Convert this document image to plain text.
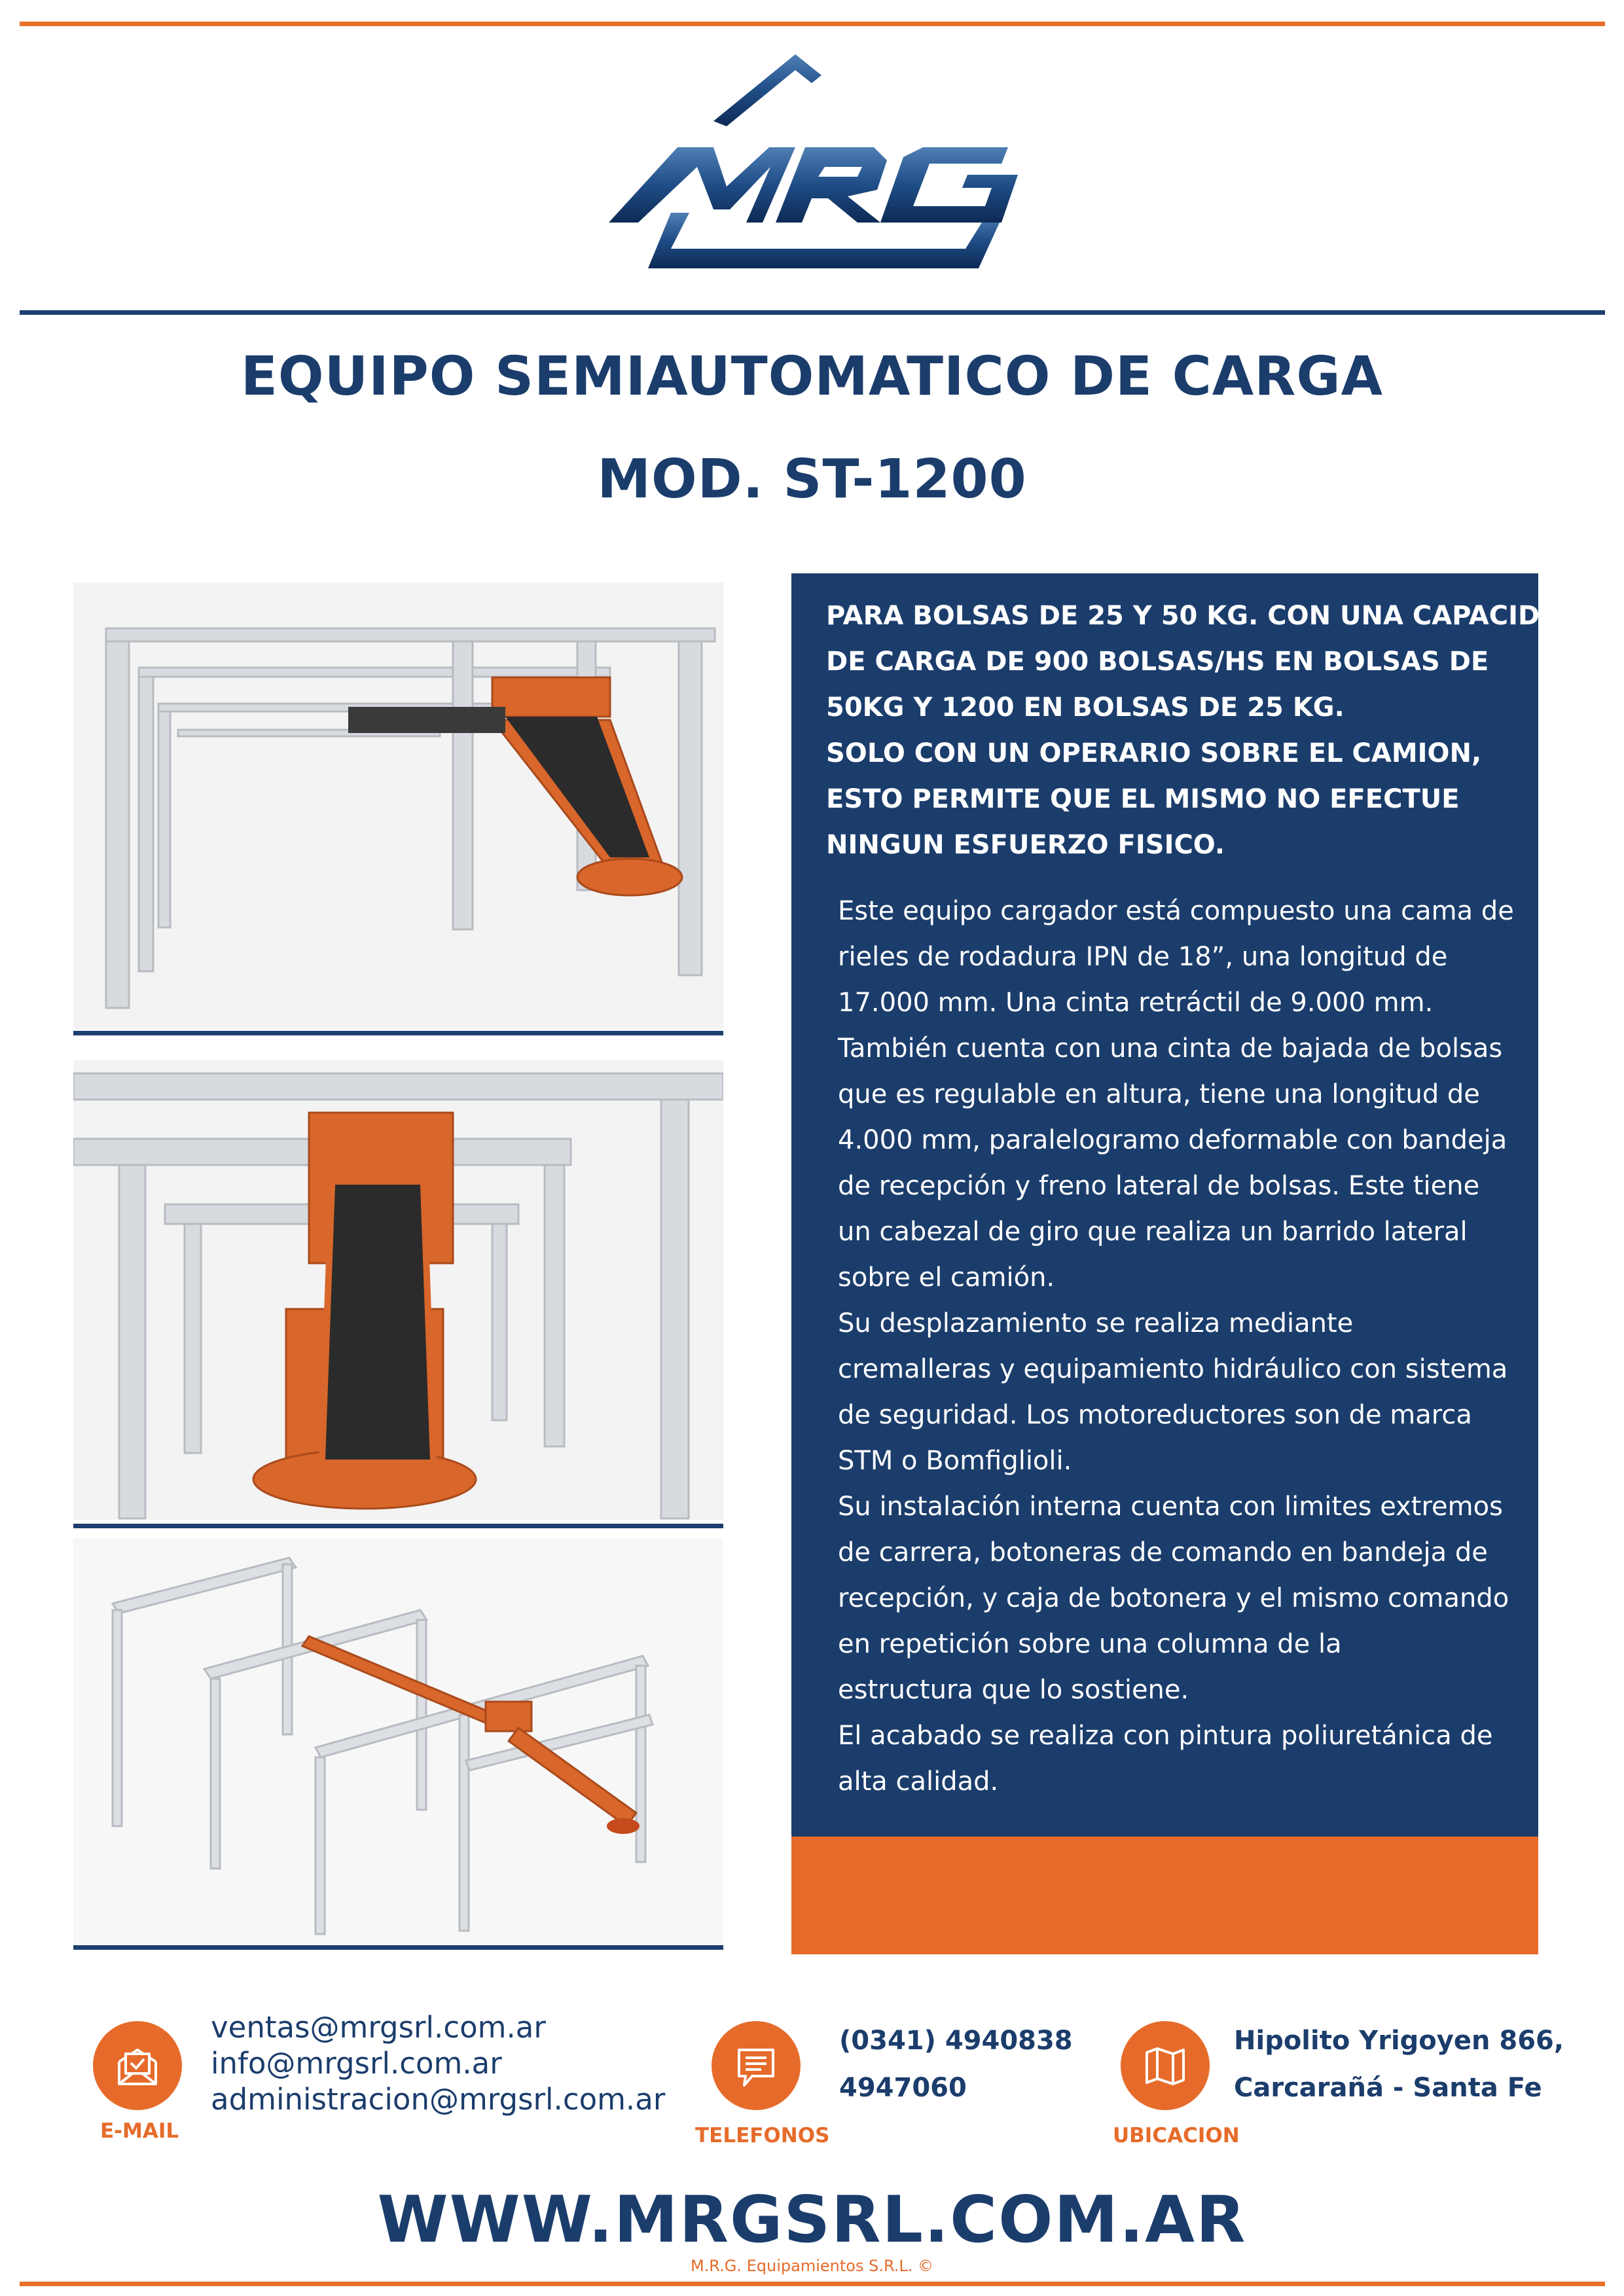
EQUIPO SEMIAUTOMATICO DE CARGA
MOD. ST-1200
PARA BOLSAS DE 25 Y 50 KG. CON UNA CAPACIDAD
DE CARGA DE 900 BOLSAS/HS EN BOLSAS DE
50KG Y 1200 EN BOLSAS DE 25 KG.
SOLO CON UN OPERARIO SOBRE EL CAMION,
ESTO PERMITE QUE EL MISMO NO EFECTUE
NINGUN ESFUERZO FISICO.
Este equipo cargador está compuesto una cama de
rieles de rodadura IPN de 18”, una longitud de
17.000 mm. Una cinta retráctil de 9.000 mm.
También cuenta con una cinta de bajada de bolsas
que es regulable en altura, tiene una longitud de
4.000 mm, paralelogramo deformable con bandeja
de recepción y freno lateral de bolsas. Este tiene
un cabezal de giro que realiza un barrido lateral
sobre el camión.
Su desplazamiento se realiza mediante
cremalleras y equipamiento hidráulico con sistema
de seguridad. Los motoreductores son de marca
STM o Bomfiglioli.
Su instalación interna cuenta con limites extremos
de carrera, botoneras de comando en bandeja de
recepción, y caja de botonera y el mismo comando
en repetición sobre una columna de la
estructura que lo sostiene.
El acabado se realiza con pintura poliuretánica de
alta calidad.
E-MAIL
ventas@mrgsrl.com.ar
info@mrgsrl.com.ar
administracion@mrgsrl.com.ar
TELEFONOS
(0341) 4940838
4947060
UBICACION
Hipolito Yrigoyen 866,
Carcarañá - Santa Fe
WWW.MRGSRL.COM.AR
M.R.G. Equipamientos S.R.L. ©
